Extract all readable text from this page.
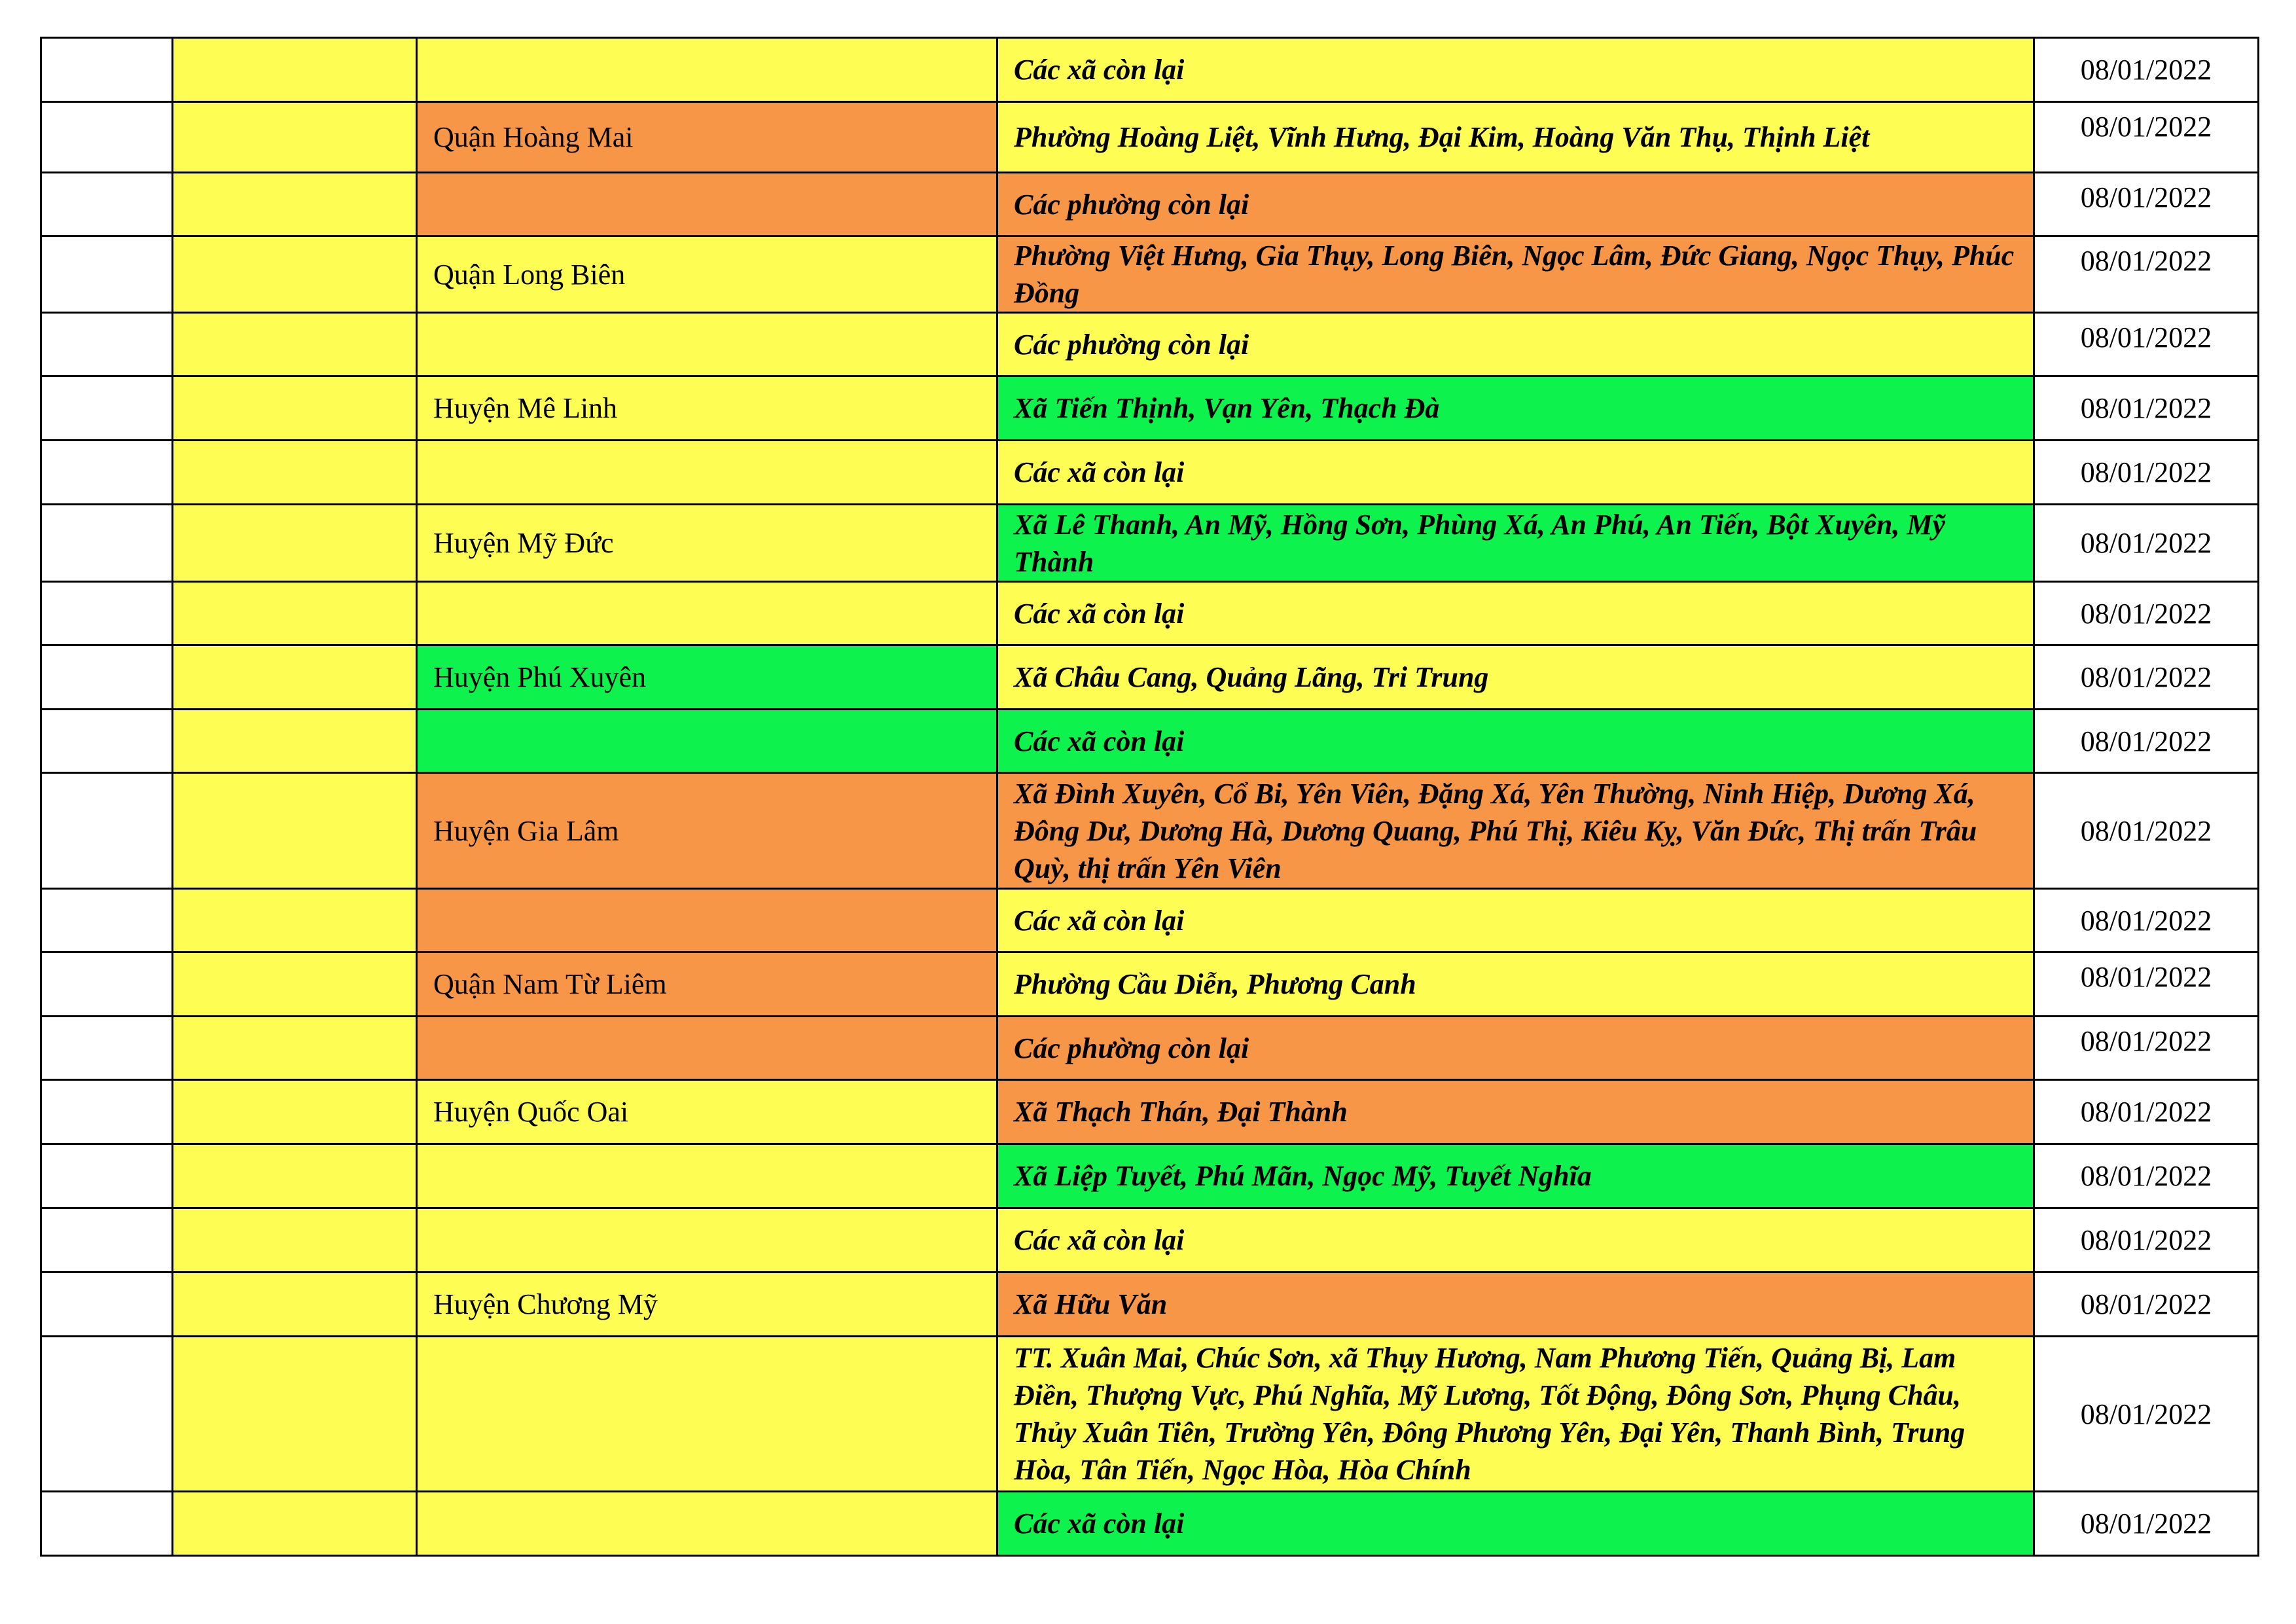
			Các xã còn lại	08/01/2022
		Quận Hoàng Mai	Phường Hoàng Liệt, Vĩnh Hưng, Đại Kim, Hoàng Văn Thụ, Thịnh Liệt	08/01/2022
			Các phường còn lại	08/01/2022
		Quận Long Biên	Phường Việt Hưng, Gia Thụy, Long Biên, Ngọc Lâm, Đức Giang, Ngọc Thụy, Phúc Đồng	08/01/2022
			Các phường còn lại	08/01/2022
		Huyện Mê Linh	Xã Tiến Thịnh, Vạn Yên, Thạch Đà	08/01/2022
			Các xã còn lại	08/01/2022
		Huyện Mỹ Đức	Xã Lê Thanh, An Mỹ, Hồng Sơn, Phùng Xá, An Phú, An Tiến, Bột Xuyên, Mỹ Thành	08/01/2022
			Các xã còn lại	08/01/2022
		Huyện Phú Xuyên	Xã Châu Cang, Quảng Lãng, Tri Trung	08/01/2022
			Các xã còn lại	08/01/2022
		Huyện Gia Lâm	Xã Đình Xuyên, Cổ Bi, Yên Viên, Đặng Xá, Yên Thường, Ninh Hiệp, Dương Xá, Đông Dư, Dương Hà, Dương Quang, Phú Thị, Kiêu Kỵ, Văn Đức, Thị trấn Trâu Quỳ, thị trấn Yên Viên	08/01/2022
			Các xã còn lại	08/01/2022
		Quận Nam Từ Liêm	Phường Cầu Diễn, Phương Canh	08/01/2022
			Các phường còn lại	08/01/2022
		Huyện Quốc Oai	Xã Thạch Thán, Đại Thành	08/01/2022
			Xã Liệp Tuyết, Phú Mãn, Ngọc Mỹ, Tuyết Nghĩa	08/01/2022
			Các xã còn lại	08/01/2022
		Huyện Chương Mỹ	Xã Hữu Văn	08/01/2022
			TT. Xuân Mai, Chúc Sơn, xã Thụy Hương, Nam Phương Tiến, Quảng Bị, Lam Điền, Thượng Vực, Phú Nghĩa, Mỹ Lương, Tốt Động, Đông Sơn, Phụng Châu, Thủy Xuân Tiên, Trường Yên, Đông Phương Yên, Đại Yên, Thanh Bình, Trung Hòa, Tân Tiến, Ngọc Hòa, Hòa Chính	08/01/2022
			Các xã còn lại	08/01/2022
